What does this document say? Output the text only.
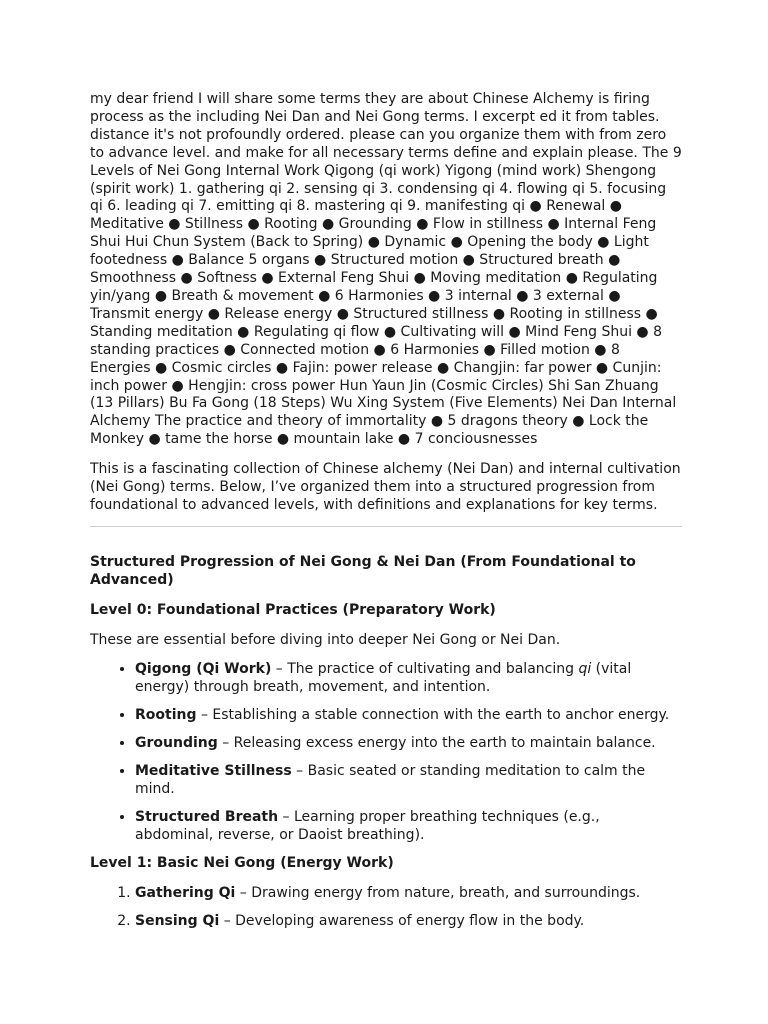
my dear friend I will share some terms they are about Chinese Alchemy is firing process as the including Nei Dan and Nei Gong terms. I excerpt ed it from tables. distance it's not profoundly ordered. please can you organize them with from zero to advance level. and make for all necessary terms define and explain please. The 9 Levels of Nei Gong Internal Work Qigong (qi work) Yigong (mind work) Shengong (spirit work) 1. gathering qi 2. sensing qi 3. condensing qi 4. flowing qi 5. focusing qi 6. leading qi 7. emitting qi 8. mastering qi 9. manifesting qi ● Renewal ● Meditative ● Stillness ● Rooting ● Grounding ● Flow in stillness ● Internal Feng Shui Hui Chun System (Back to Spring) ● Dynamic ● Opening the body ● Light footedness ● Balance 5 organs ● Structured motion ● Structured breath ● Smoothness ● Softness ● External Feng Shui ● Moving meditation ● Regulating yin/yang ● Breath & movement ● 6 Harmonies ● 3 internal ● 3 external ● Transmit energy ● Release energy ● Structured stillness ● Rooting in stillness ● Standing meditation ● Regulating qi flow ● Cultivating will ● Mind Feng Shui ● 8 standing practices ● Connected motion ● 6 Harmonies ● Filled motion ● 8 Energies ● Cosmic circles ● Fajin: power release ● Changjin: far power ● Cunjin: inch power ● Hengjin: cross power Hun Yaun Jin (Cosmic Circles) Shi San Zhuang (13 Pillars) Bu Fa Gong (18 Steps) Wu Xing System (Five Elements) Nei Dan Internal Alchemy The practice and theory of immortality ● 5 dragons theory ● Lock the Monkey ● tame the horse ● mountain lake ● 7 conciousnesses

This is a fascinating collection of Chinese alchemy (Nei Dan) and internal cultivation (Nei Gong) terms. Below, I’ve organized them into a structured progression from foundational to advanced levels, with definitions and explanations for key terms.

Structured Progression of Nei Gong & Nei Dan (From Foundational to Advanced)
Level 0: Foundational Practices (Preparatory Work)

These are essential before diving into deeper Nei Gong or Nei Dan.

• Qigong (Qi Work) – The practice of cultivating and balancing qi (vital energy) through breath, movement, and intention.
• Rooting – Establishing a stable connection with the earth to anchor energy.
• Grounding – Releasing excess energy into the earth to maintain balance.
• Meditative Stillness – Basic seated or standing meditation to calm the mind.
• Structured Breath – Learning proper breathing techniques (e.g., abdominal, reverse, or Daoist breathing).
Level 1: Basic Nei Gong (Energy Work)
1. Gathering Qi – Drawing energy from nature, breath, and surroundings.
2. Sensing Qi – Developing awareness of energy flow in the body.
